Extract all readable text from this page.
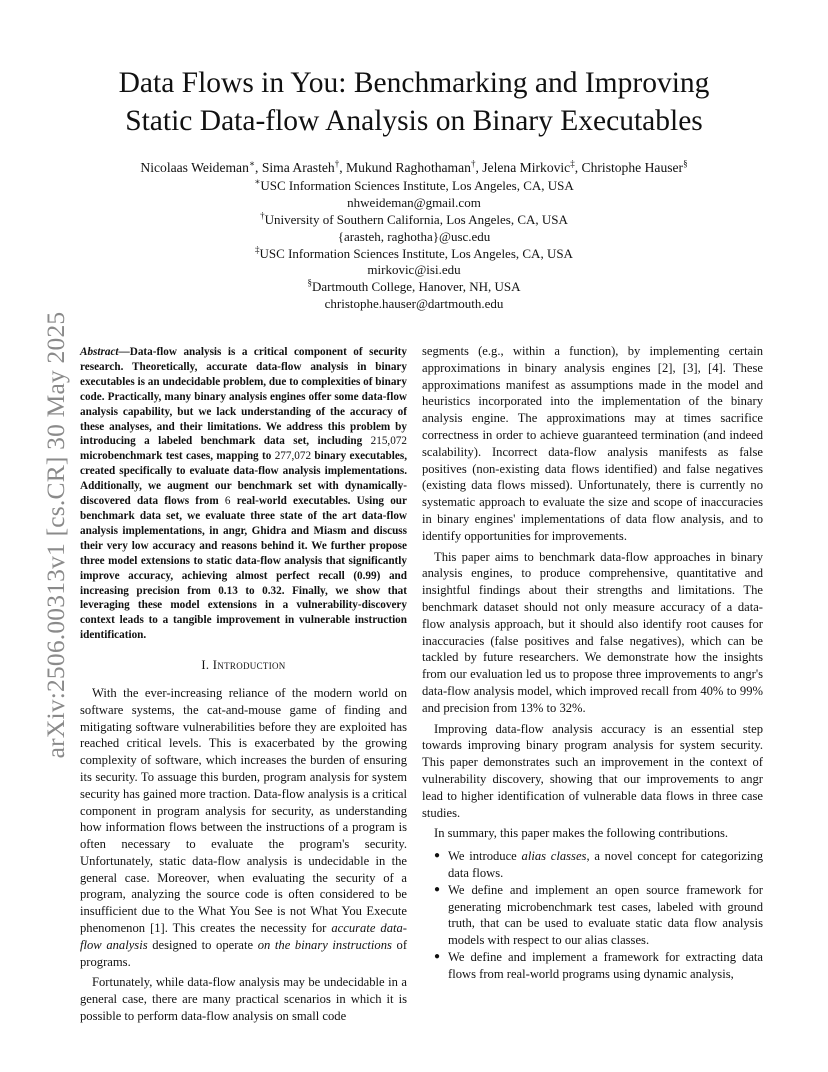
arXiv:2506.00313v1 [cs.CR] 30 May 2025
Data Flows in You: Benchmarking and Improving
Static Data-flow Analysis on Binary Executables
Nicolaas Weideman∗, Sima Arasteh†, Mukund Raghothaman†, Jelena Mirkovic‡, Christophe Hauser§
∗USC Information Sciences Institute, Los Angeles, CA, USA
nhweideman@gmail.com
†University of Southern California, Los Angeles, CA, USA
{arasteh, raghotha}@usc.edu
‡USC Information Sciences Institute, Los Angeles, CA, USA
mirkovic@isi.edu
§Dartmouth College, Hanover, NH, USA
christophe.hauser@dartmouth.edu

Abstract—Data-flow analysis is a critical component of security research. Theoretically, accurate data-flow analysis in binary executables is an undecidable problem, due to complexities of binary code. Practically, many binary analysis engines offer some data-flow analysis capability, but we lack understanding of the accuracy of these analyses, and their limitations. We address this problem by introducing a labeled benchmark data set, including 215,072 microbenchmark test cases, mapping to 277,072 binary executables, created specifically to evaluate data-flow analysis implementations. Additionally, we augment our benchmark set with dynamically-discovered data flows from 6 real-world executables. Using our benchmark data set, we evaluate three state of the art data-flow analysis implementations, in angr, Ghidra and Miasm and discuss their very low accuracy and reasons behind it. We further propose three model extensions to static data-flow analysis that significantly improve accuracy, achieving almost perfect recall (0.99) and increasing precision from 0.13 to 0.32. Finally, we show that leveraging these model extensions in a vulnerability-discovery context leads to a tangible improvement in vulnerable instruction identification.

I. Introduction

With the ever-increasing reliance of the modern world on software systems, the cat-and-mouse game of finding and mitigating software vulnerabilities before they are exploited has reached critical levels. This is exacerbated by the growing complexity of software, which increases the burden of ensuring its security. To assuage this burden, program analysis for system security has gained more traction. Data-flow analysis is a critical component in program analysis for security, as understanding how information flows between the instructions of a program is often necessary to evaluate the program's security. Unfortunately, static data-flow analysis is undecidable in the general case. Moreover, when evaluating the security of a program, analyzing the source code is often considered to be insufficient due to the What You See is not What You Execute phenomenon [1]. This creates the necessity for accurate data-flow analysis designed to operate on the binary instructions of programs.

Fortunately, while data-flow analysis may be undecidable in a general case, there are many practical scenarios in which it is possible to perform data-flow analysis on small code

segments (e.g., within a function), by implementing certain approximations in binary analysis engines [2], [3], [4]. These approximations manifest as assumptions made in the model and heuristics incorporated into the implementation of the binary analysis engine. The approximations may at times sacrifice correctness in order to achieve guaranteed termination (and indeed scalability). Incorrect data-flow analysis manifests as false positives (non-existing data flows identified) and false negatives (existing data flows missed). Unfortunately, there is currently no systematic approach to evaluate the size and scope of inaccuracies in binary engines' implementations of data flow analysis, and to identify opportunities for improvements.

This paper aims to benchmark data-flow approaches in binary analysis engines, to produce comprehensive, quantitative and insightful findings about their strengths and limitations. The benchmark dataset should not only measure accuracy of a data-flow analysis approach, but it should also identify root causes for inaccuracies (false positives and false negatives), which can be tackled by future researchers. We demonstrate how the insights from our evaluation led us to propose three improvements to angr's data-flow analysis model, which improved recall from 40% to 99% and precision from 13% to 32%.

Improving data-flow analysis accuracy is an essential step towards improving binary program analysis for system security. This paper demonstrates such an improvement in the context of vulnerability discovery, showing that our improvements to angr lead to higher identification of vulnerable data flows in three case studies.

In summary, this paper makes the following contributions.

● We introduce alias classes, a novel concept for categorizing data flows.
● We define and implement an open source framework for generating microbenchmark test cases, labeled with ground truth, that can be used to evaluate static data flow analysis models with respect to our alias classes.
● We define and implement a framework for extracting data flows from real-world programs using dynamic analysis,
